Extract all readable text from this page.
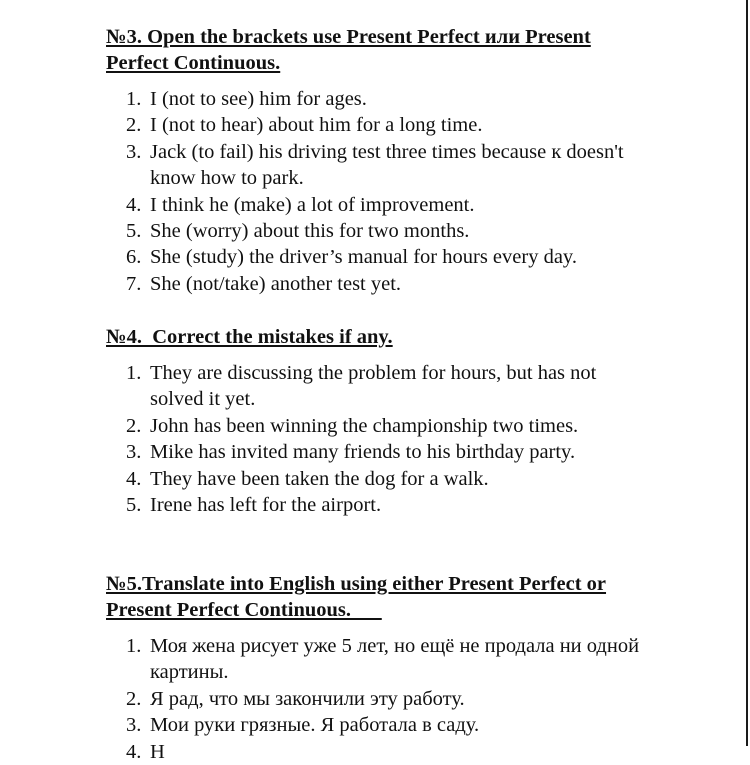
№3. Open the brackets use Present Perfect или Present
Perfect Continuous.
1. I (not to see) him for ages.
2. I (not to hear) about him for a long time.
3. Jack (to fail) his driving test three times because к doesn't
know how to park.
4. I think he (make) a lot of improvement.
5. She (worry) about this for two months.
6. She (study) the driver’s manual for hours every day.
7. She (not/take) another test yet.
№4.  Correct the mistakes if any.
1. They are discussing the problem for hours, but has not
solved it yet.
2. John has been winning the championship two times.
3. Mike has invited many friends to his birthday party.
4. They have been taken the dog for a walk.
5. Irene has left for the airport.
№5.Translate into English using either Present Perfect or
Present Perfect Continuous.
1. Моя жена рисует уже 5 лет, но ещё не продала ни одной
картины.
2. Я рад, что мы закончили эту работу.
3. Мои руки грязные. Я работала в саду.
4. Н
